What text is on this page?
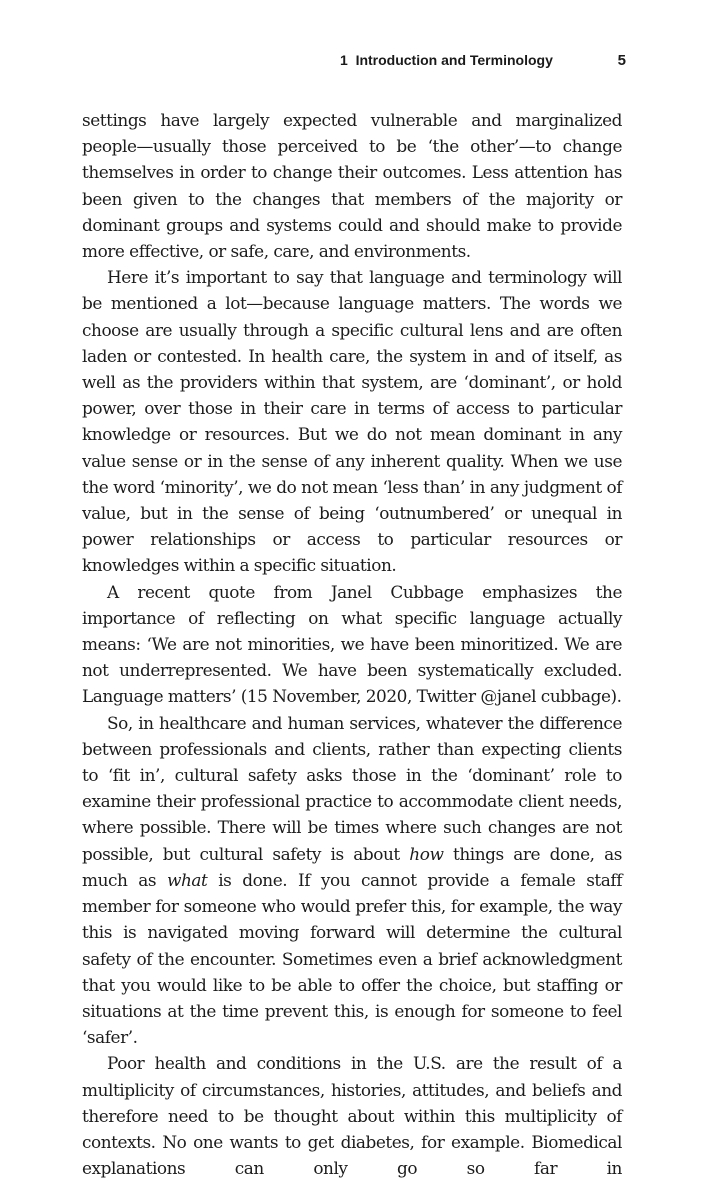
1  Introduction and Terminology	5

settings have largely expected vulnerable and marginalized people—usually those perceived to be ‘the other’—to change themselves in order to change their outcomes. Less attention has been given to the changes that members of the majority or dominant groups and systems could and should make to provide more effective, or safe, care, and environments.

Here it’s important to say that language and terminology will be mentioned a lot—because language matters. The words we choose are usually through a specific cultural lens and are often laden or contested. In health care, the system in and of itself, as well as the providers within that system, are ‘dominant’, or hold power, over those in their care in terms of access to particular knowledge or resources. But we do not mean dominant in any value sense or in the sense of any inherent quality. When we use the word ‘minority’, we do not mean ‘less than’ in any judgment of value, but in the sense of being ‘outnumbered’ or unequal in power relationships or access to particular resources or knowledges within a specific situation.

A recent quote from Janel Cubbage emphasizes the importance of reflecting on what specific language actually means: ‘We are not minorities, we have been minoritized. We are not underrepresented. We have been systematically excluded. Language matters’ (15 November, 2020, Twitter @janel cubbage).

So, in healthcare and human services, whatever the difference between professionals and clients, rather than expecting clients to ‘fit in’, cultural safety asks those in the ‘dominant’ role to examine their professional practice to accommodate client needs, where possible. There will be times where such changes are not possible, but cultural safety is about how things are done, as much as what is done. If you cannot provide a female staff member for someone who would prefer this, for example, the way this is navigated moving forward will determine the cultural safety of the encounter. Sometimes even a brief acknowledgment that you would like to be able to offer the choice, but staffing or situations at the time prevent this, is enough for someone to feel ‘safer’.

Poor health and conditions in the U.S. are the result of a multiplicity of circumstances, histories, attitudes, and beliefs and therefore need to be thought about within this multiplicity of contexts. No one wants to get diabetes, for example. Biomedical explanations can only go so far in
